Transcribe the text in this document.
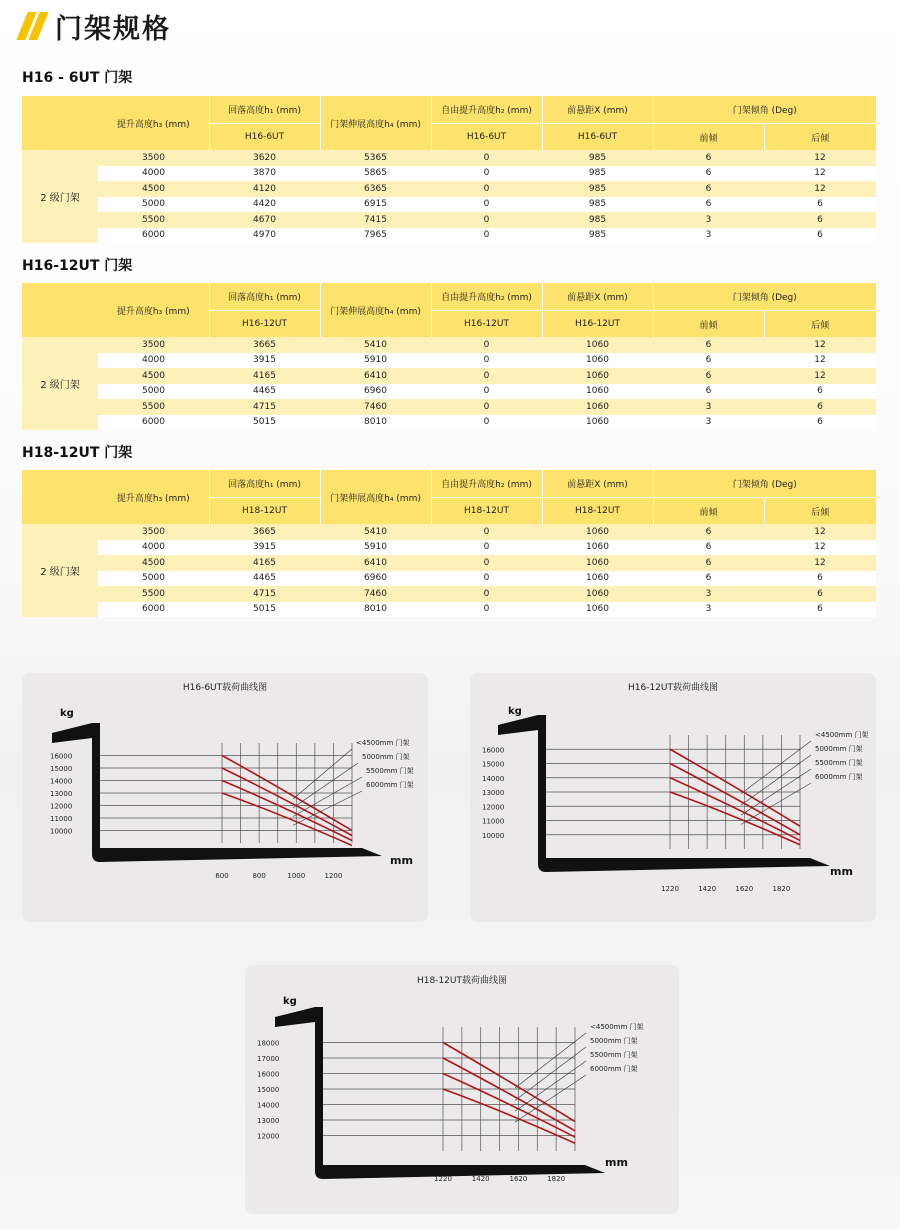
门架规格
H16 - 6UT 门架
	提升高度h₃ (mm)	回落高度h₁ (mm)	门架伸展高度h₄ (mm)	自由提升高度h₂ (mm)	前悬距X (mm)	门架倾角 (Deg)	
		H16-6UT		H16-6UT	H16-6UT	前倾	后倾
2 级门架	3500	3620	5365	0	985	6	12
	4000	3870	5865	0	985	6	12
	4500	4120	6365	0	985	6	12
	5000	4420	6915	0	985	6	6
	5500	4670	7415	0	985	3	6
	6000	4970	7965	0	985	3	6
H16-12UT 门架
	提升高度h₃ (mm)	回落高度h₁ (mm)	门架伸展高度h₄ (mm)	自由提升高度h₂ (mm)	前悬距X (mm)	门架倾角 (Deg)	
		H16-12UT		H16-12UT	H16-12UT	前倾	后倾
2 级门架	3500	3665	5410	0	1060	6	12
	4000	3915	5910	0	1060	6	12
	4500	4165	6410	0	1060	6	12
	5000	4465	6960	0	1060	6	6
	5500	4715	7460	0	1060	3	6
	6000	5015	8010	0	1060	3	6
H18-12UT 门架
	提升高度h₃ (mm)	回落高度h₁ (mm)	门架伸展高度h₄ (mm)	自由提升高度h₂ (mm)	前悬距X (mm)	门架倾角 (Deg)	
		H18-12UT		H18-12UT	H18-12UT	前倾	后倾
2 级门架	3500	3665	5410	0	1060	6	12
	4000	3915	5910	0	1060	6	12
	4500	4165	6410	0	1060	6	12
	5000	4465	6960	0	1060	6	6
	5500	4715	7460	0	1060	3	6
	6000	5015	8010	0	1060	3	6
H16-6UT载荷曲线图
10000
11000
12000
13000
14000
15000
16000
kg
mm
600	800	1000	1200
<4500mm 门架
5000mm 门架
5500mm 门架
6000mm 门架
H16-12UT载荷曲线图
10000
11000
12000
13000
14000
15000
16000
kg
mm
1220	1420	1620	1820
<4500mm 门架
5000mm 门架
5500mm 门架
6000mm 门架
H18-12UT载荷曲线图
12000
13000
14000
15000
16000
17000
18000
kg
mm
1220	1420	1620	1820
<4500mm 门架
5000mm 门架
5500mm 门架
6000mm 门架
